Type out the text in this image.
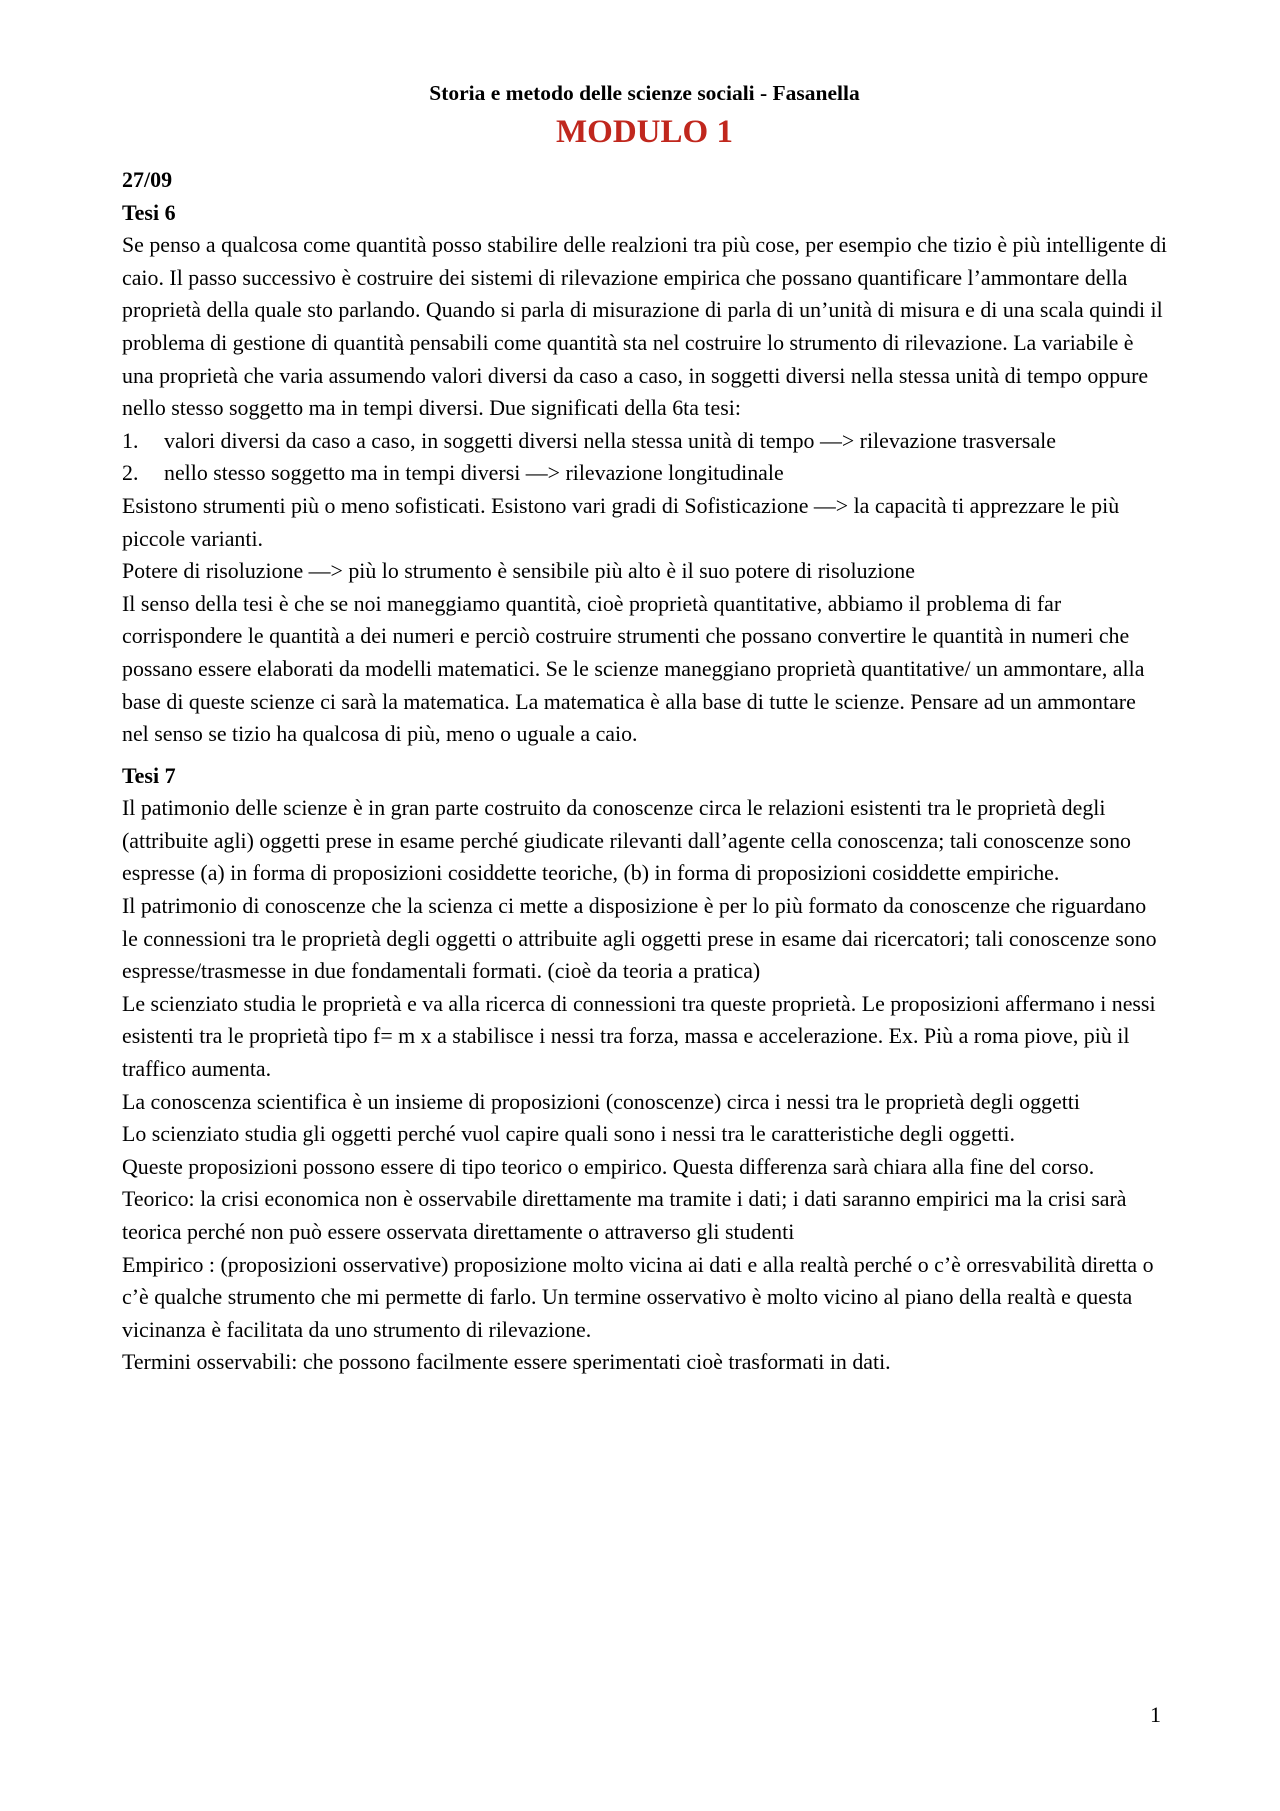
Storia e metodo delle scienze sociali - Fasanella
MODULO 1
27/09
Tesi 6

Se penso a qualcosa come quantità posso stabilire delle realzioni tra più cose, per esempio che tizio è più intelligente di caio. Il passo successivo è costruire dei sistemi di rilevazione empirica che possano quantificare l’ammontare della proprietà della quale sto parlando. Quando si parla di misurazione di parla di un’unità di misura e di una scala quindi il problema di gestione di quantità pensabili come quantità sta nel costruire lo strumento di rilevazione. La variabile è una proprietà che varia assumendo valori diversi da caso a caso, in soggetti diversi nella stessa unità di tempo oppure nello stesso soggetto ma in tempi diversi. Due significati della 6ta tesi:

1. valori diversi da caso a caso, in soggetti diversi nella stessa unità di tempo —> rilevazione trasversale
2. nello stesso soggetto ma in tempi diversi —> rilevazione longitudinale

Esistono strumenti più o meno sofisticati. Esistono vari gradi di Sofisticazione —> la capacità ti apprezzare le più piccole varianti.

Potere di risoluzione —> più lo strumento è sensibile più alto è il suo potere di risoluzione

Il senso della tesi è che se noi maneggiamo quantità, cioè proprietà quantitative, abbiamo il problema di far corrispondere le quantità a dei numeri e perciò costruire strumenti che possano convertire le quantità in numeri che possano essere elaborati da modelli matematici. Se le scienze maneggiano proprietà quantitative/ un ammontare, alla base di queste scienze ci sarà la matematica. La matematica è alla base di tutte le scienze. Pensare ad un ammontare nel senso se tizio ha qualcosa di più, meno o uguale a caio.

Tesi 7

Il patimonio delle scienze è in gran parte costruito da conoscenze circa le relazioni esistenti tra le proprietà degli (attribuite agli) oggetti prese in esame perché giudicate rilevanti dall’agente cella conoscenza; tali conoscenze sono espresse (a) in forma di proposizioni cosiddette teoriche, (b) in forma di proposizioni cosiddette empiriche.

Il patrimonio di conoscenze che la scienza ci mette a disposizione è per lo più formato da conoscenze che riguardano le connessioni tra le proprietà degli oggetti o attribuite agli oggetti prese in esame dai ricercatori; tali conoscenze sono espresse/trasmesse in due fondamentali formati. (cioè da teoria a pratica)

Le scienziato studia le proprietà e va alla ricerca di connessioni tra queste proprietà. Le proposizioni affermano i nessi esistenti tra le proprietà tipo f= m x a stabilisce i nessi tra forza, massa e accelerazione. Ex. Più a roma piove, più il traffico aumenta.

La conoscenza scientifica è un insieme di proposizioni (conoscenze) circa i nessi tra le proprietà degli oggetti

Lo scienziato studia gli oggetti perché vuol capire quali sono i nessi tra le caratteristiche degli oggetti.

Queste proposizioni possono essere di tipo teorico o empirico. Questa differenza sarà chiara alla fine del corso.

Teorico: la crisi economica non è osservabile direttamente ma tramite i dati; i dati saranno empirici ma la crisi sarà teorica perché non può essere osservata direttamente o attraverso gli studenti

Empirico : (proposizioni osservative) proposizione molto vicina ai dati e alla realtà perché o c’è orresvabilità diretta o c’è qualche strumento che mi permette di farlo. Un termine osservativo è molto vicino al piano della realtà e questa vicinanza è facilitata da uno strumento di rilevazione.

Termini osservabili: che possono facilmente essere sperimentati cioè trasformati in dati.

1
